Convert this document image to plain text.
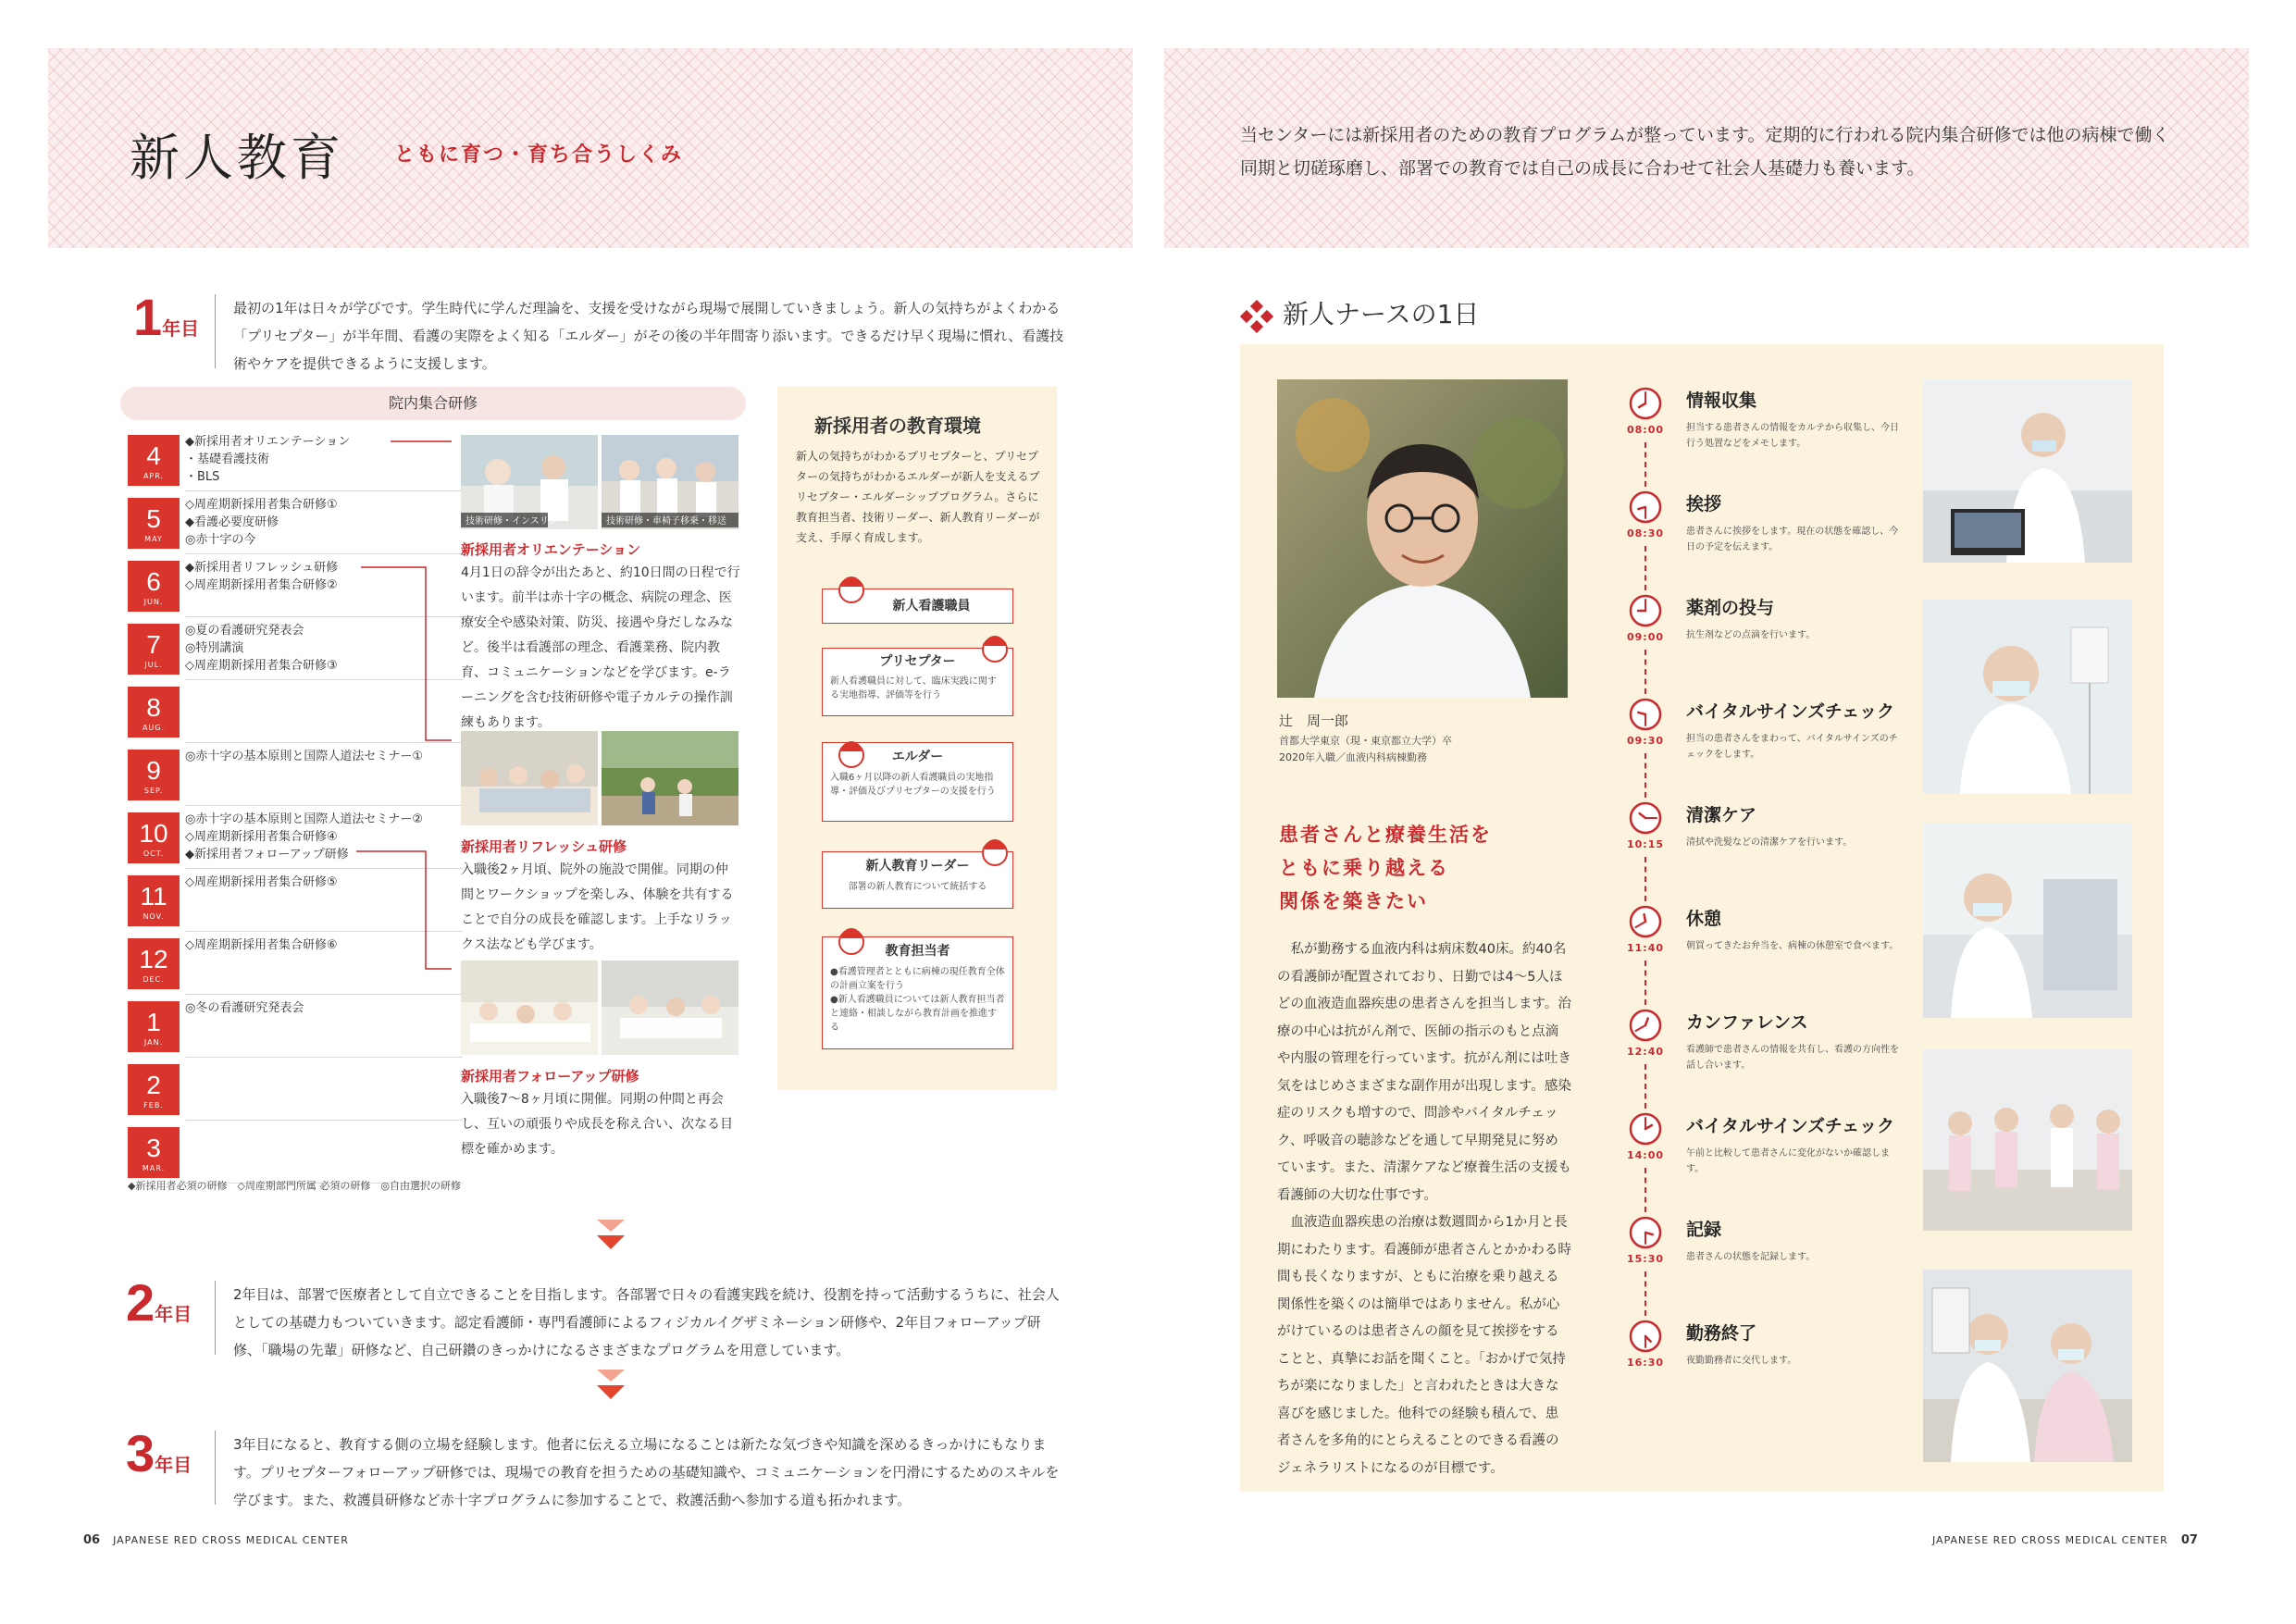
新人教育 ともに育つ・育ち合うしくみ
当センターには新採用者のための教育プログラムが整っています。定期的に行われる院内集合研修では他の病棟で働く同期と切磋琢磨し、部署での教育では自己の成長に合わせて社会人基礎力も養います。
1年目
最初の1年は日々が学びです。学生時代に学んだ理論を、支援を受けながら現場で展開していきましょう。新人の気持ちがよくわかる「プリセプター」が半年間、看護の実際をよく知る「エルダー」がその後の半年間寄り添います。できるだけ早く現場に慣れ、看護技術やケアを提供できるように支援します。
院内集合研修
4
APR.
◆新採用者オリエンテーション
・基礎看護技術
・BLS
5
MAY
◇周産期新採用者集合研修①
◆看護必要度研修
◎赤十字の今
6
JUN.
◆新採用者リフレッシュ研修
◇周産期新採用者集合研修②
7
JUL.
◎夏の看護研究発表会
◎特別講演
◇周産期新採用者集合研修③
8
AUG.
9
SEP.
◎赤十字の基本原則と国際人道法セミナー①
10
OCT.
◎赤十字の基本原則と国際人道法セミナー②
◇周産期新採用者集合研修④
◆新採用者フォローアップ研修
11
NOV.
◇周産期新採用者集合研修⑤
12
DEC.
◇周産期新採用者集合研修⑥
1
JAN.
◎冬の看護研究発表会
2
FEB.
3
MAR.
◆新採用者必須の研修　◇周産期部門所属 必須の研修　◎自由選択の研修
技術研修・インスリン	技術研修・車椅子移乗・移送
新採用者オリエンテーション
4月1日の辞令が出たあと、約10日間の日程で行います。前半は赤十字の概念、病院の理念、医療安全や感染対策、防災、接遇や身だしなみなど。後半は看護部の理念、看護業務、院内教育、コミュニケーションなどを学びます。e-ラーニングを含む技術研修や電子カルテの操作訓練もあります。
新採用者リフレッシュ研修
入職後2ヶ月頃、院外の施設で開催。同期の仲間とワークショップを楽しみ、体験を共有することで自分の成長を確認します。上手なリラックス法なども学びます。
新採用者フォローアップ研修
入職後7～8ヶ月頃に開催。同期の仲間と再会し、互いの頑張りや成長を称え合い、次なる目標を確かめます。
新採用者の教育環境
新人の気持ちがわかるプリセプターと、プリセプターの気持ちがわかるエルダーが新人を支えるプリセプター・エルダーシッププログラム。さらに教育担当者、技術リーダー、新人教育リーダーが支え、手厚く育成します。
新人看護職員
プリセプター
新人看護職員に対して、臨床実践に関する実地指導、評価等を行う
エルダー
入職6ヶ月以降の新人看護職員の実地指導・評価及びプリセプターの支援を行う
新人教育リーダー
部署の新人教育について統括する
教育担当者
●看護管理者とともに病棟の現任教育全体の計画立案を行う
●新人看護職員については新人教育担当者と連絡・相談しながら教育計画を推進する
2年目
2年目は、部署で医療者として自立できることを目指します。各部署で日々の看護実践を続け、役割を持って活動するうちに、社会人としての基礎力もついていきます。認定看護師・専門看護師によるフィジカルイグザミネーション研修や、2年目フォローアップ研修、「職場の先輩」研修など、自己研鑽のきっかけになるさまざまなプログラムを用意しています。
3年目
3年目になると、教育する側の立場を経験します。他者に伝える立場になることは新たな気づきや知識を深めるきっかけにもなります。プリセプターフォローアップ研修では、現場での教育を担うための基礎知識や、コミュニケーションを円滑にするためのスキルを学びます。また、救護員研修など赤十字プログラムに参加することで、救護活動へ参加する道も拓かれます。
06 JAPANESE RED CROSS MEDICAL CENTER	JAPANESE RED CROSS MEDICAL CENTER 07
新人ナースの1日
辻　周一郎
首都大学東京（現・東京都立大学）卒
2020年入職／血液内科病棟勤務
患者さんと療養生活を
ともに乗り越える
関係を築きたい
　私が勤務する血液内科は病床数40床。約40名の看護師が配置されており、日勤では4～5人ほどの血液造血器疾患の患者さんを担当します。治療の中心は抗がん剤で、医師の指示のもと点滴や内服の管理を行っています。抗がん剤には吐き気をはじめさまざまな副作用が出現します。感染症のリスクも増すので、問診やバイタルチェック、呼吸音の聴診などを通して早期発見に努めています。また、清潔ケアなど療養生活の支援も看護師の大切な仕事です。
　血液造血器疾患の治療は数週間から1か月と長期にわたります。看護師が患者さんとかかわる時間も長くなりますが、ともに治療を乗り越える関係性を築くのは簡単ではありません。私が心がけているのは患者さんの顔を見て挨拶をすることと、真摯にお話を聞くこと。「おかげで気持ちが楽になりました」と言われたときは大きな喜びを感じました。他科での経験も積んで、患者さんを多角的にとらえることのできる看護のジェネラリストになるのが目標です。
08:00
情報収集
担当する患者さんの情報をカルテから収集し、今日行う処置などをメモします。
08:30
挨拶
患者さんに挨拶をします。現在の状態を確認し、今日の予定を伝えます。
09:00
薬剤の投与
抗生剤などの点滴を行います。
09:30
バイタルサインズチェック
担当の患者さんをまわって、バイタルサインズのチェックをします。
10:15
清潔ケア
清拭や洗髪などの清潔ケアを行います。
11:40
休憩
朝買ってきたお弁当を、病棟の休憩室で食べます。
12:40
カンファレンス
看護師で患者さんの情報を共有し、看護の方向性を話し合います。
14:00
バイタルサインズチェック
午前と比較して患者さんに変化がないか確認します。
15:30
記録
患者さんの状態を記録します。
16:30
勤務終了
夜勤勤務者に交代します。
